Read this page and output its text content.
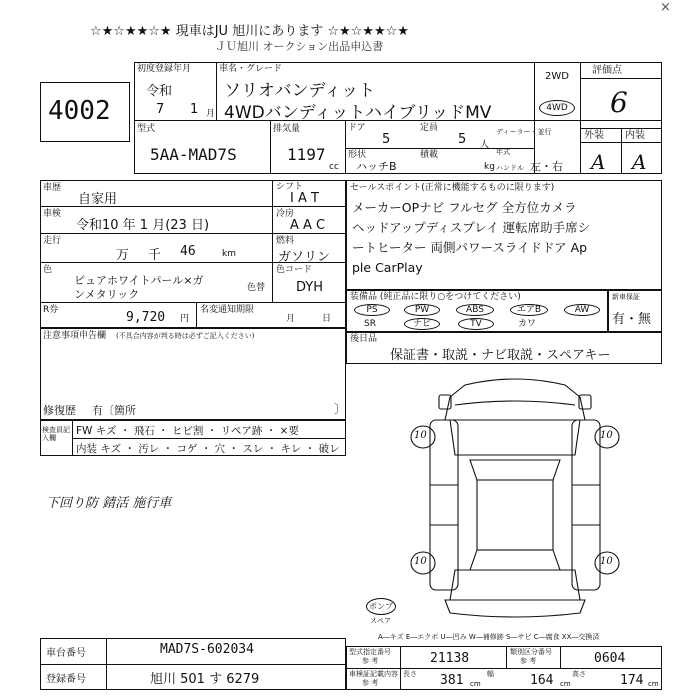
☆★☆★★☆★ 現車はJU 旭川にあります ☆★☆★★☆★
ＪＵ旭川 オークション出品申込書
×
4002
初度登録年月
令和
7 1 月
車名・グレード
ソリオバンディット
4WDバンディットハイブリッドMV
2WD
4WD
評価点
6
外装 内装
A A
型式
5AA-MAD7S
排気量
1197
cc
ドア
5
定員
5 人
ディーラー・並行
年式
形状
ハッチB
積載
kg ハンドル 左・右
車歴
自家用
シフト
I A T
車検
令和10 年 1 月(23 日)
冷房
A A C
走行
万 千 46	km
燃料
ガソリン
色
ピュアホワイトパール×ガ
ンメタリック	色替
色コード
DYH
R券	9,720 円
名変通知期限
月	日
セールスポイント(正常に機能するものに限ります)
メーカーOPナビ フルセグ 全方位カメラ
ヘッドアップディスプレイ 運転席助手席シ
ートヒーター 両側パワースライドドア Ap
ple CarPlay
装備品 (純正品に限り○をつけてください)
PS	PW	ABS	エアB	AW
SR	ナビ	TV	カワ
新車保証
有・無
後日品
保証書・取説・ナビ取説・スペアキー
注意事項申告欄 (不具合内容が判る時は必ずご記入ください)
修復歴 有〔箇所	〕
検査員記入欄
FW キズ ・ 飛石 ・ ヒビ割 ・ リペア跡 ・ ×要
内装 キズ ・ 汚レ ・ コゲ ・ 穴 ・ スレ ・ キレ ・ 破レ
下回り防 錆活 施行車
10	10
10	10
ポンプ
スペア
A―キズ E―エクボ U―凹み W―補修跡 S―サビ C―腐食 XX―交換済
車台番号	MAD7S-602034
登録番号	旭川 501 す 6279
型式指定番号
参 考	21138	類別区分番号
参 考	0604
車検証記載内容
参 考
長さ 381 cm
幅	164 cm
高さ	174 cm
